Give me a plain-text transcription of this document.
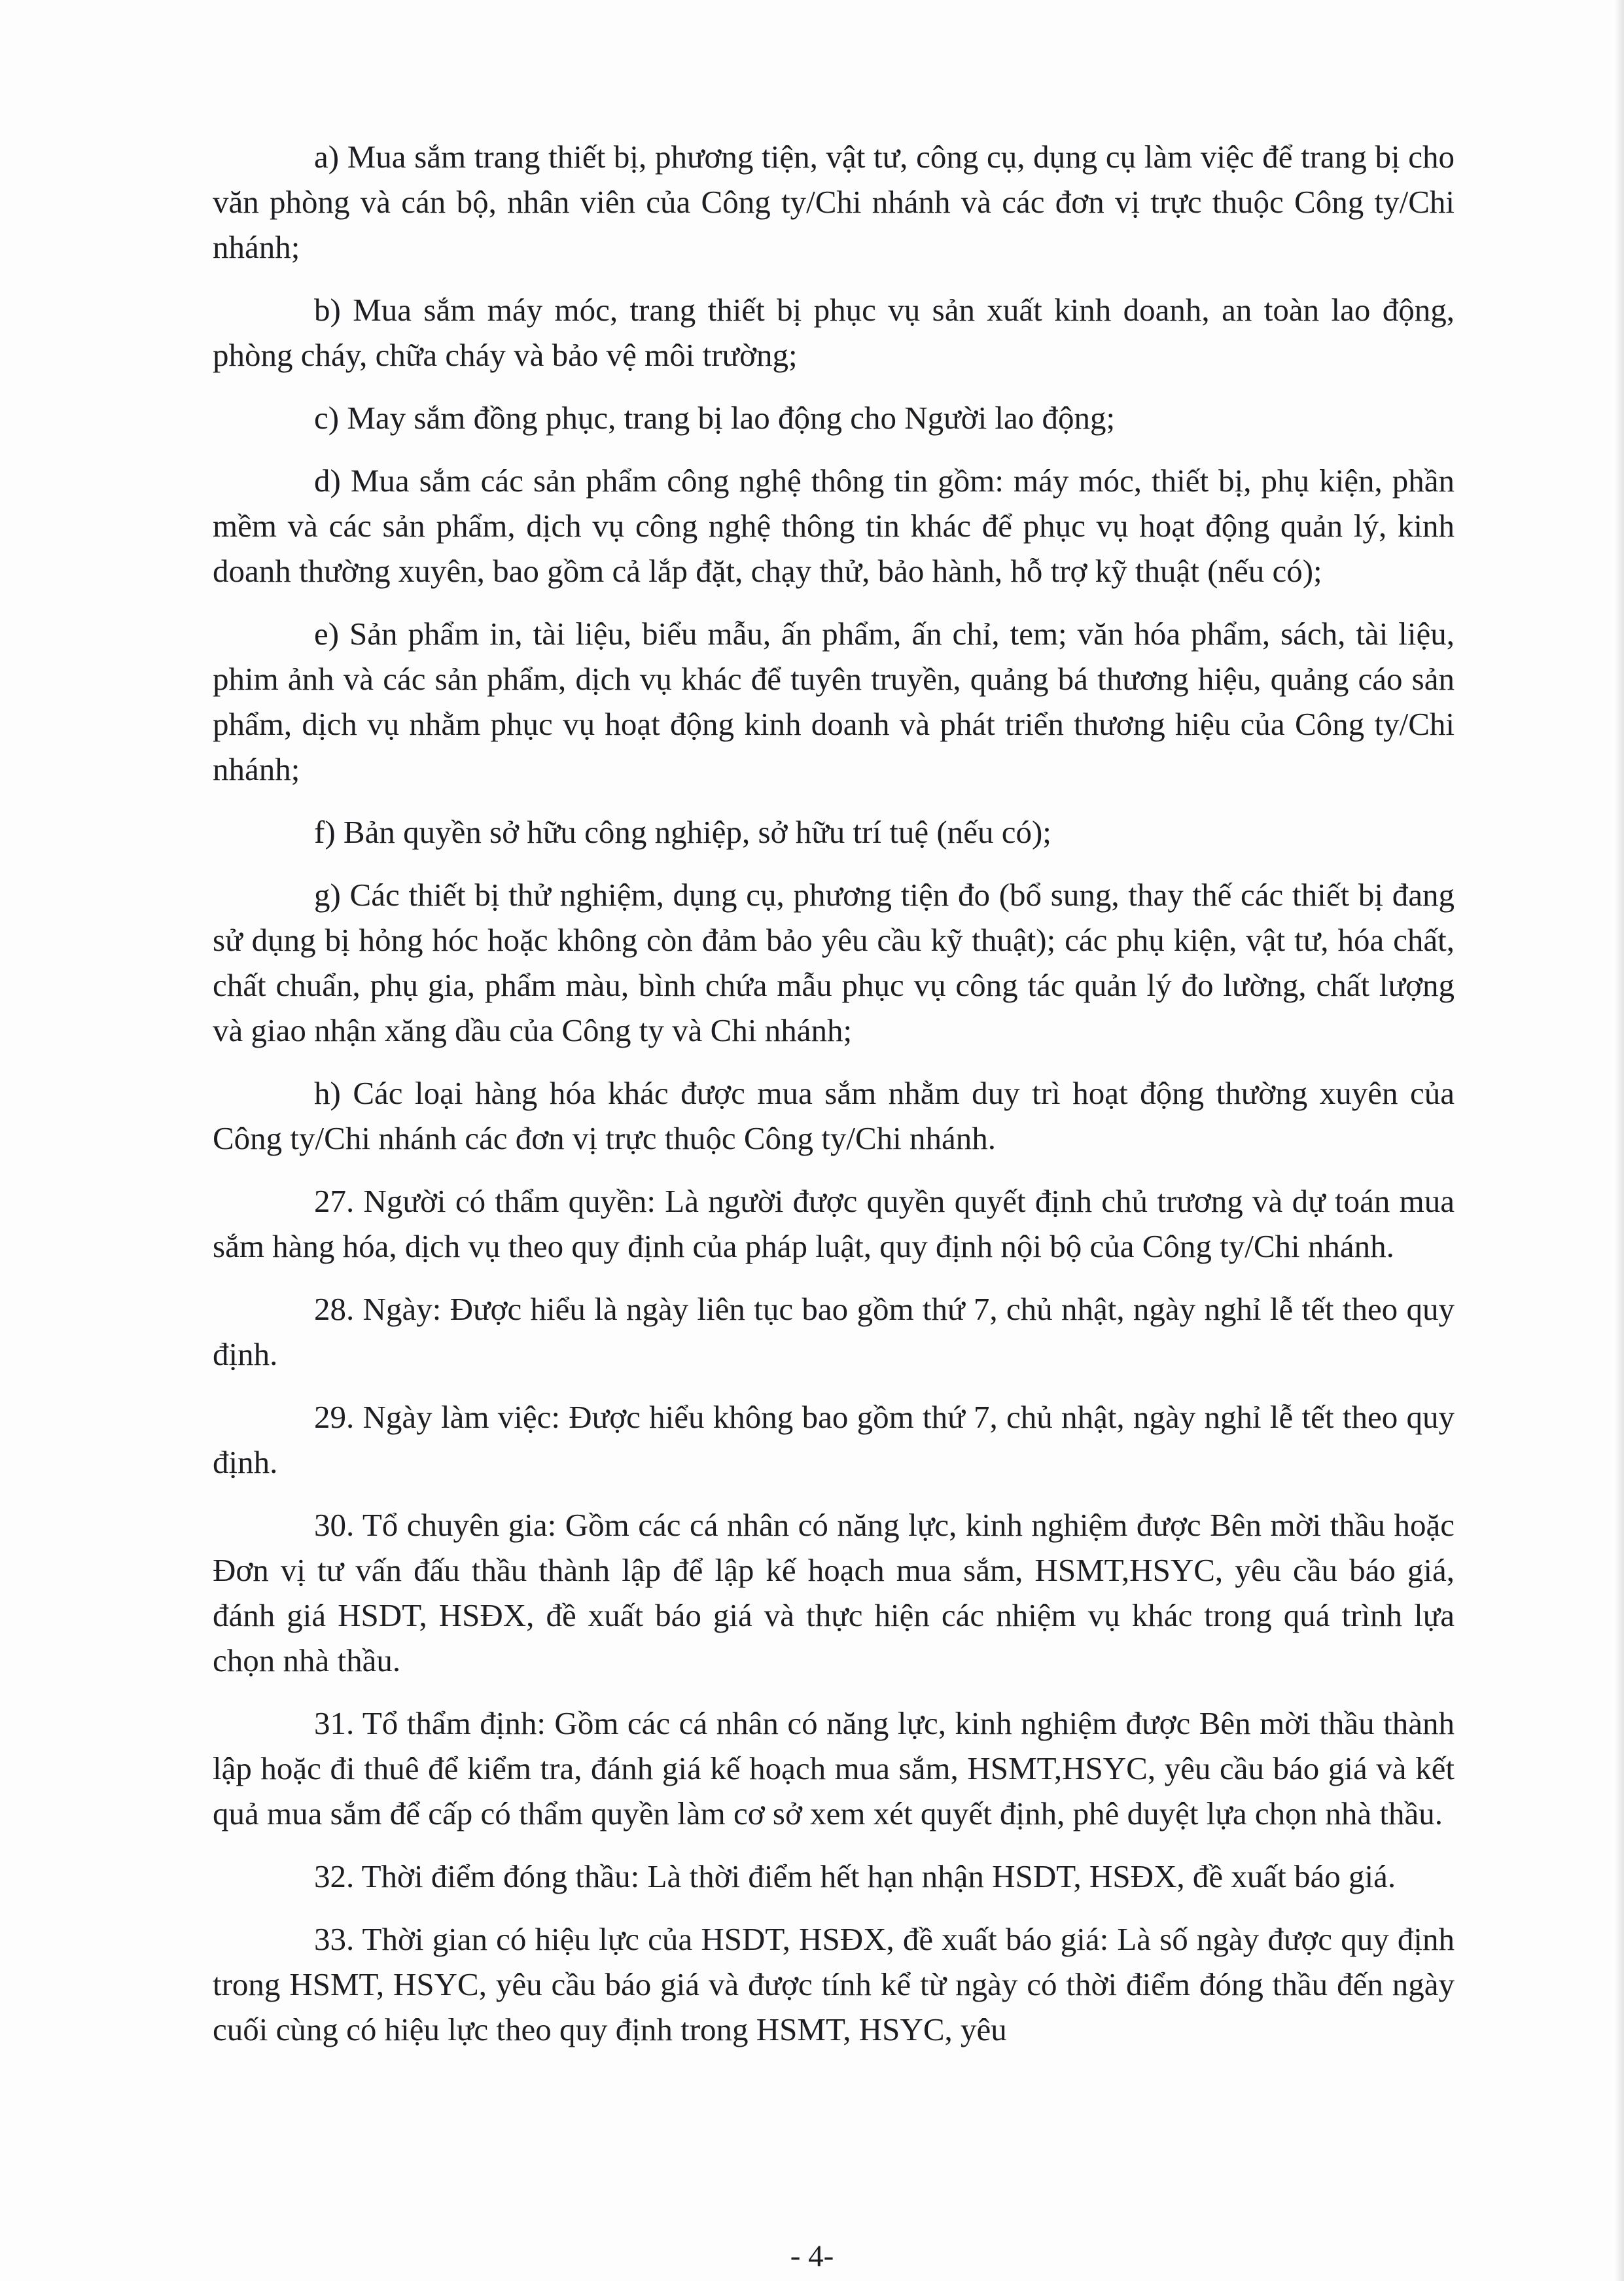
a) Mua sắm trang thiết bị, phương tiện, vật tư, công cụ, dụng cụ làm việc để trang bị cho văn phòng và cán bộ, nhân viên của Công ty/Chi nhánh và các đơn vị trực thuộc Công ty/Chi nhánh;

b) Mua sắm máy móc, trang thiết bị phục vụ sản xuất kinh doanh, an toàn lao động, phòng cháy, chữa cháy và bảo vệ môi trường;

c) May sắm đồng phục, trang bị lao động cho Người lao động;

d) Mua sắm các sản phẩm công nghệ thông tin gồm: máy móc, thiết bị, phụ kiện, phần mềm và các sản phẩm, dịch vụ công nghệ thông tin khác để phục vụ hoạt động quản lý, kinh doanh thường xuyên, bao gồm cả lắp đặt, chạy thử, bảo hành, hỗ trợ kỹ thuật (nếu có);

e) Sản phẩm in, tài liệu, biểu mẫu, ấn phẩm, ấn chỉ, tem; văn hóa phẩm, sách, tài liệu, phim ảnh và các sản phẩm, dịch vụ khác để tuyên truyền, quảng bá thương hiệu, quảng cáo sản phẩm, dịch vụ nhằm phục vụ hoạt động kinh doanh và phát triển thương hiệu của Công ty/Chi nhánh;

f) Bản quyền sở hữu công nghiệp, sở hữu trí tuệ (nếu có);

g) Các thiết bị thử nghiệm, dụng cụ, phương tiện đo (bổ sung, thay thế các thiết bị đang sử dụng bị hỏng hóc hoặc không còn đảm bảo yêu cầu kỹ thuật); các phụ kiện, vật tư, hóa chất, chất chuẩn, phụ gia, phẩm màu, bình chứa mẫu phục vụ công tác quản lý đo lường, chất lượng và giao nhận xăng dầu của Công ty và Chi nhánh;

h) Các loại hàng hóa khác được mua sắm nhằm duy trì hoạt động thường xuyên của Công ty/Chi nhánh các đơn vị trực thuộc Công ty/Chi nhánh.

27. Người có thẩm quyền: Là người được quyền quyết định chủ trương và dự toán mua sắm hàng hóa, dịch vụ theo quy định của pháp luật, quy định nội bộ của Công ty/Chi nhánh.

28. Ngày: Được hiểu là ngày liên tục bao gồm thứ 7, chủ nhật, ngày nghỉ lễ tết theo quy định.

29. Ngày làm việc: Được hiểu không bao gồm thứ 7, chủ nhật, ngày nghỉ lễ tết theo quy định.

30. Tổ chuyên gia: Gồm các cá nhân có năng lực, kinh nghiệm được Bên mời thầu hoặc Đơn vị tư vấn đấu thầu thành lập để lập kế hoạch mua sắm, HSMT,HSYC, yêu cầu báo giá, đánh giá HSDT, HSĐX, đề xuất báo giá và thực hiện các nhiệm vụ khác trong quá trình lựa chọn nhà thầu.

31. Tổ thẩm định: Gồm các cá nhân có năng lực, kinh nghiệm được Bên mời thầu thành lập hoặc đi thuê để kiểm tra, đánh giá kế hoạch mua sắm, HSMT,HSYC, yêu cầu báo giá và kết quả mua sắm để cấp có thẩm quyền làm cơ sở xem xét quyết định, phê duyệt lựa chọn nhà thầu.

32. Thời điểm đóng thầu: Là thời điểm hết hạn nhận HSDT, HSĐX, đề xuất báo giá.

33. Thời gian có hiệu lực của HSDT, HSĐX, đề xuất báo giá: Là số ngày được quy định trong HSMT, HSYC, yêu cầu báo giá và được tính kể từ ngày có thời điểm đóng thầu đến ngày cuối cùng có hiệu lực theo quy định trong HSMT, HSYC, yêu

- 4-
